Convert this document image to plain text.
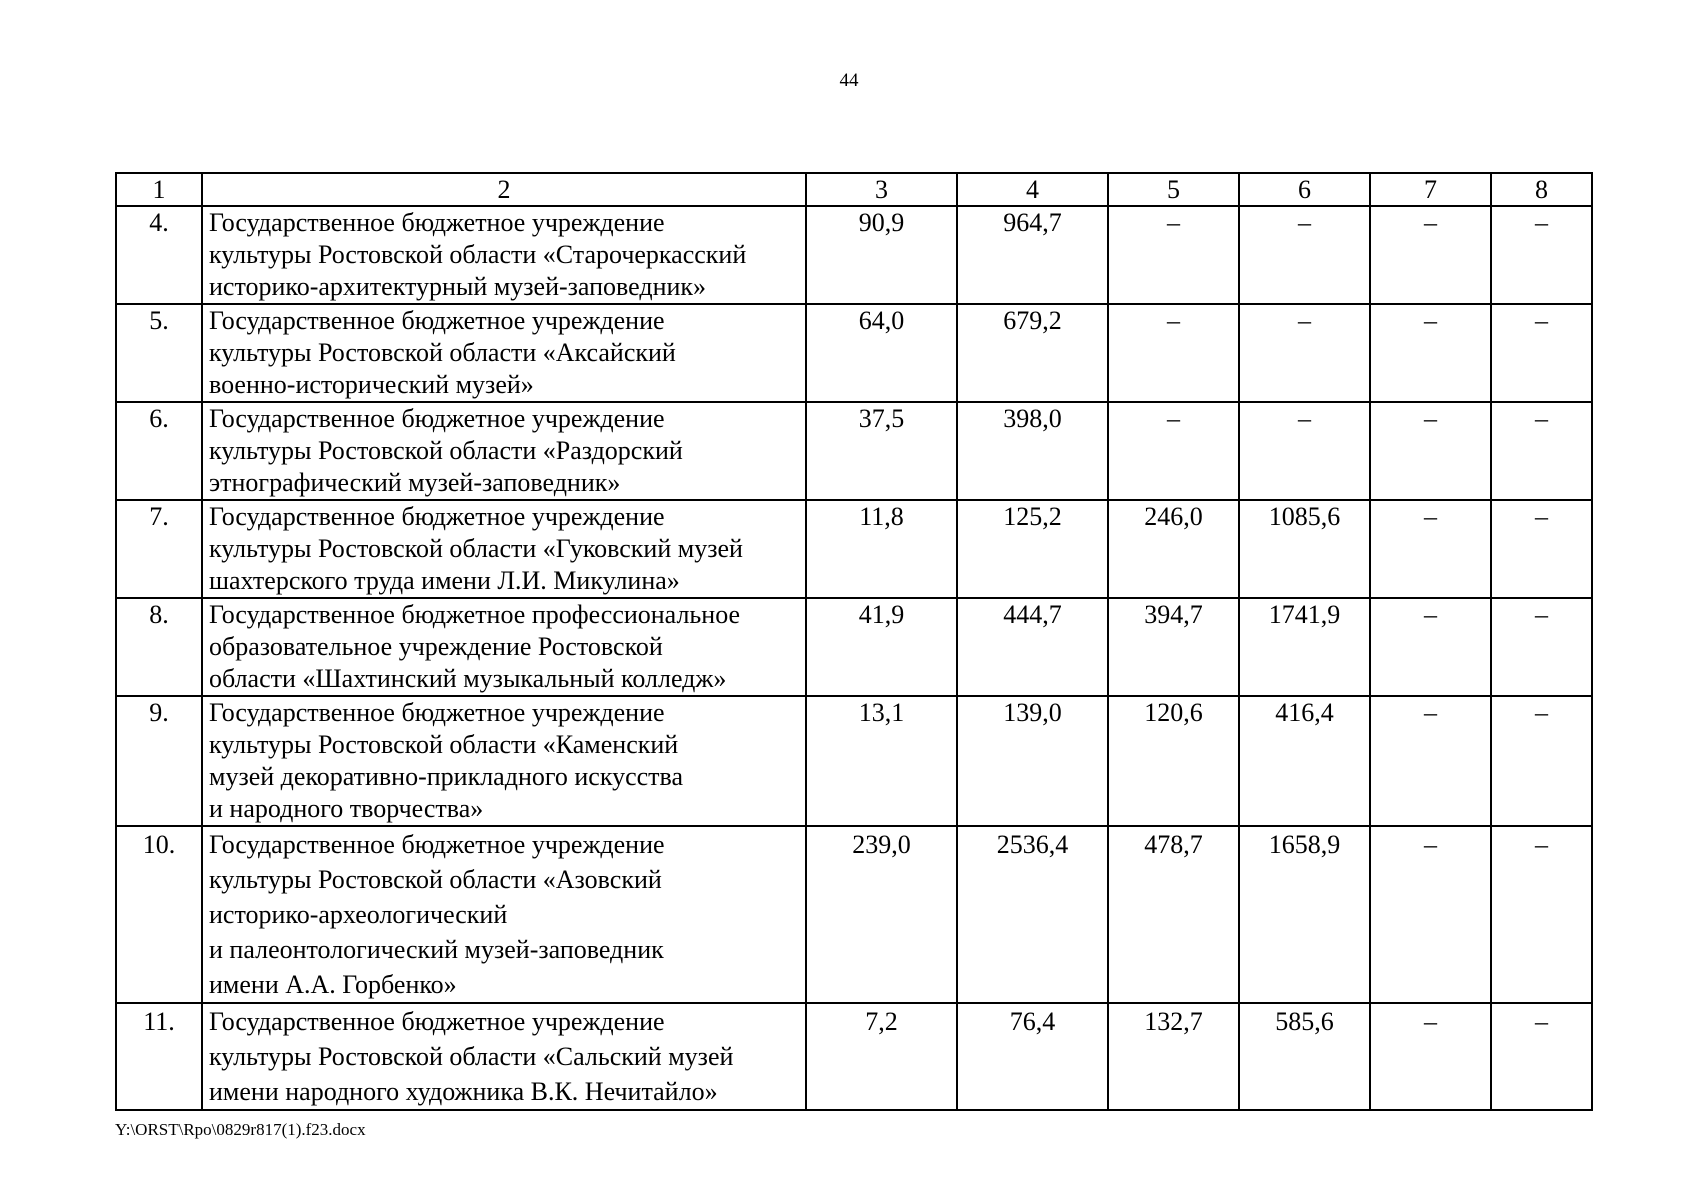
44
1	2	3	4	5	6	7	8
4.	Государственное бюджетное учреждение
культуры Ростовской области «Старочеркасский
историко-архитектурный музей-заповедник»	90,9	964,7	–	–	–	–
5.	Государственное бюджетное учреждение
культуры Ростовской области «Аксайский
военно-исторический музей»	64,0	679,2	–	–	–	–
6.	Государственное бюджетное учреждение
культуры Ростовской области «Раздорский
этнографический музей-заповедник»	37,5	398,0	–	–	–	–
7.	Государственное бюджетное учреждение
культуры Ростовской области «Гуковский музей
шахтерского труда имени Л.И. Микулина»	11,8	125,2	246,0	1085,6	–	–
8.	Государственное бюджетное профессиональное
образовательное учреждение Ростовской
области «Шахтинский музыкальный колледж»	41,9	444,7	394,7	1741,9	–	–
9.	Государственное бюджетное учреждение
культуры Ростовской области «Каменский
музей декоративно-прикладного искусства
и народного творчества»	13,1	139,0	120,6	416,4	–	–
10.	Государственное бюджетное учреждение
культуры Ростовской области «Азовский
историко-археологический
и палеонтологический музей-заповедник
имени А.А. Горбенко»	239,0	2536,4	478,7	1658,9	–	–
11.	Государственное бюджетное учреждение
культуры Ростовской области «Сальский музей
имени народного художника В.К. Нечитайло»	7,2	76,4	132,7	585,6	–	–
Y:\ORST\Rpo\0829r817(1).f23.docx
